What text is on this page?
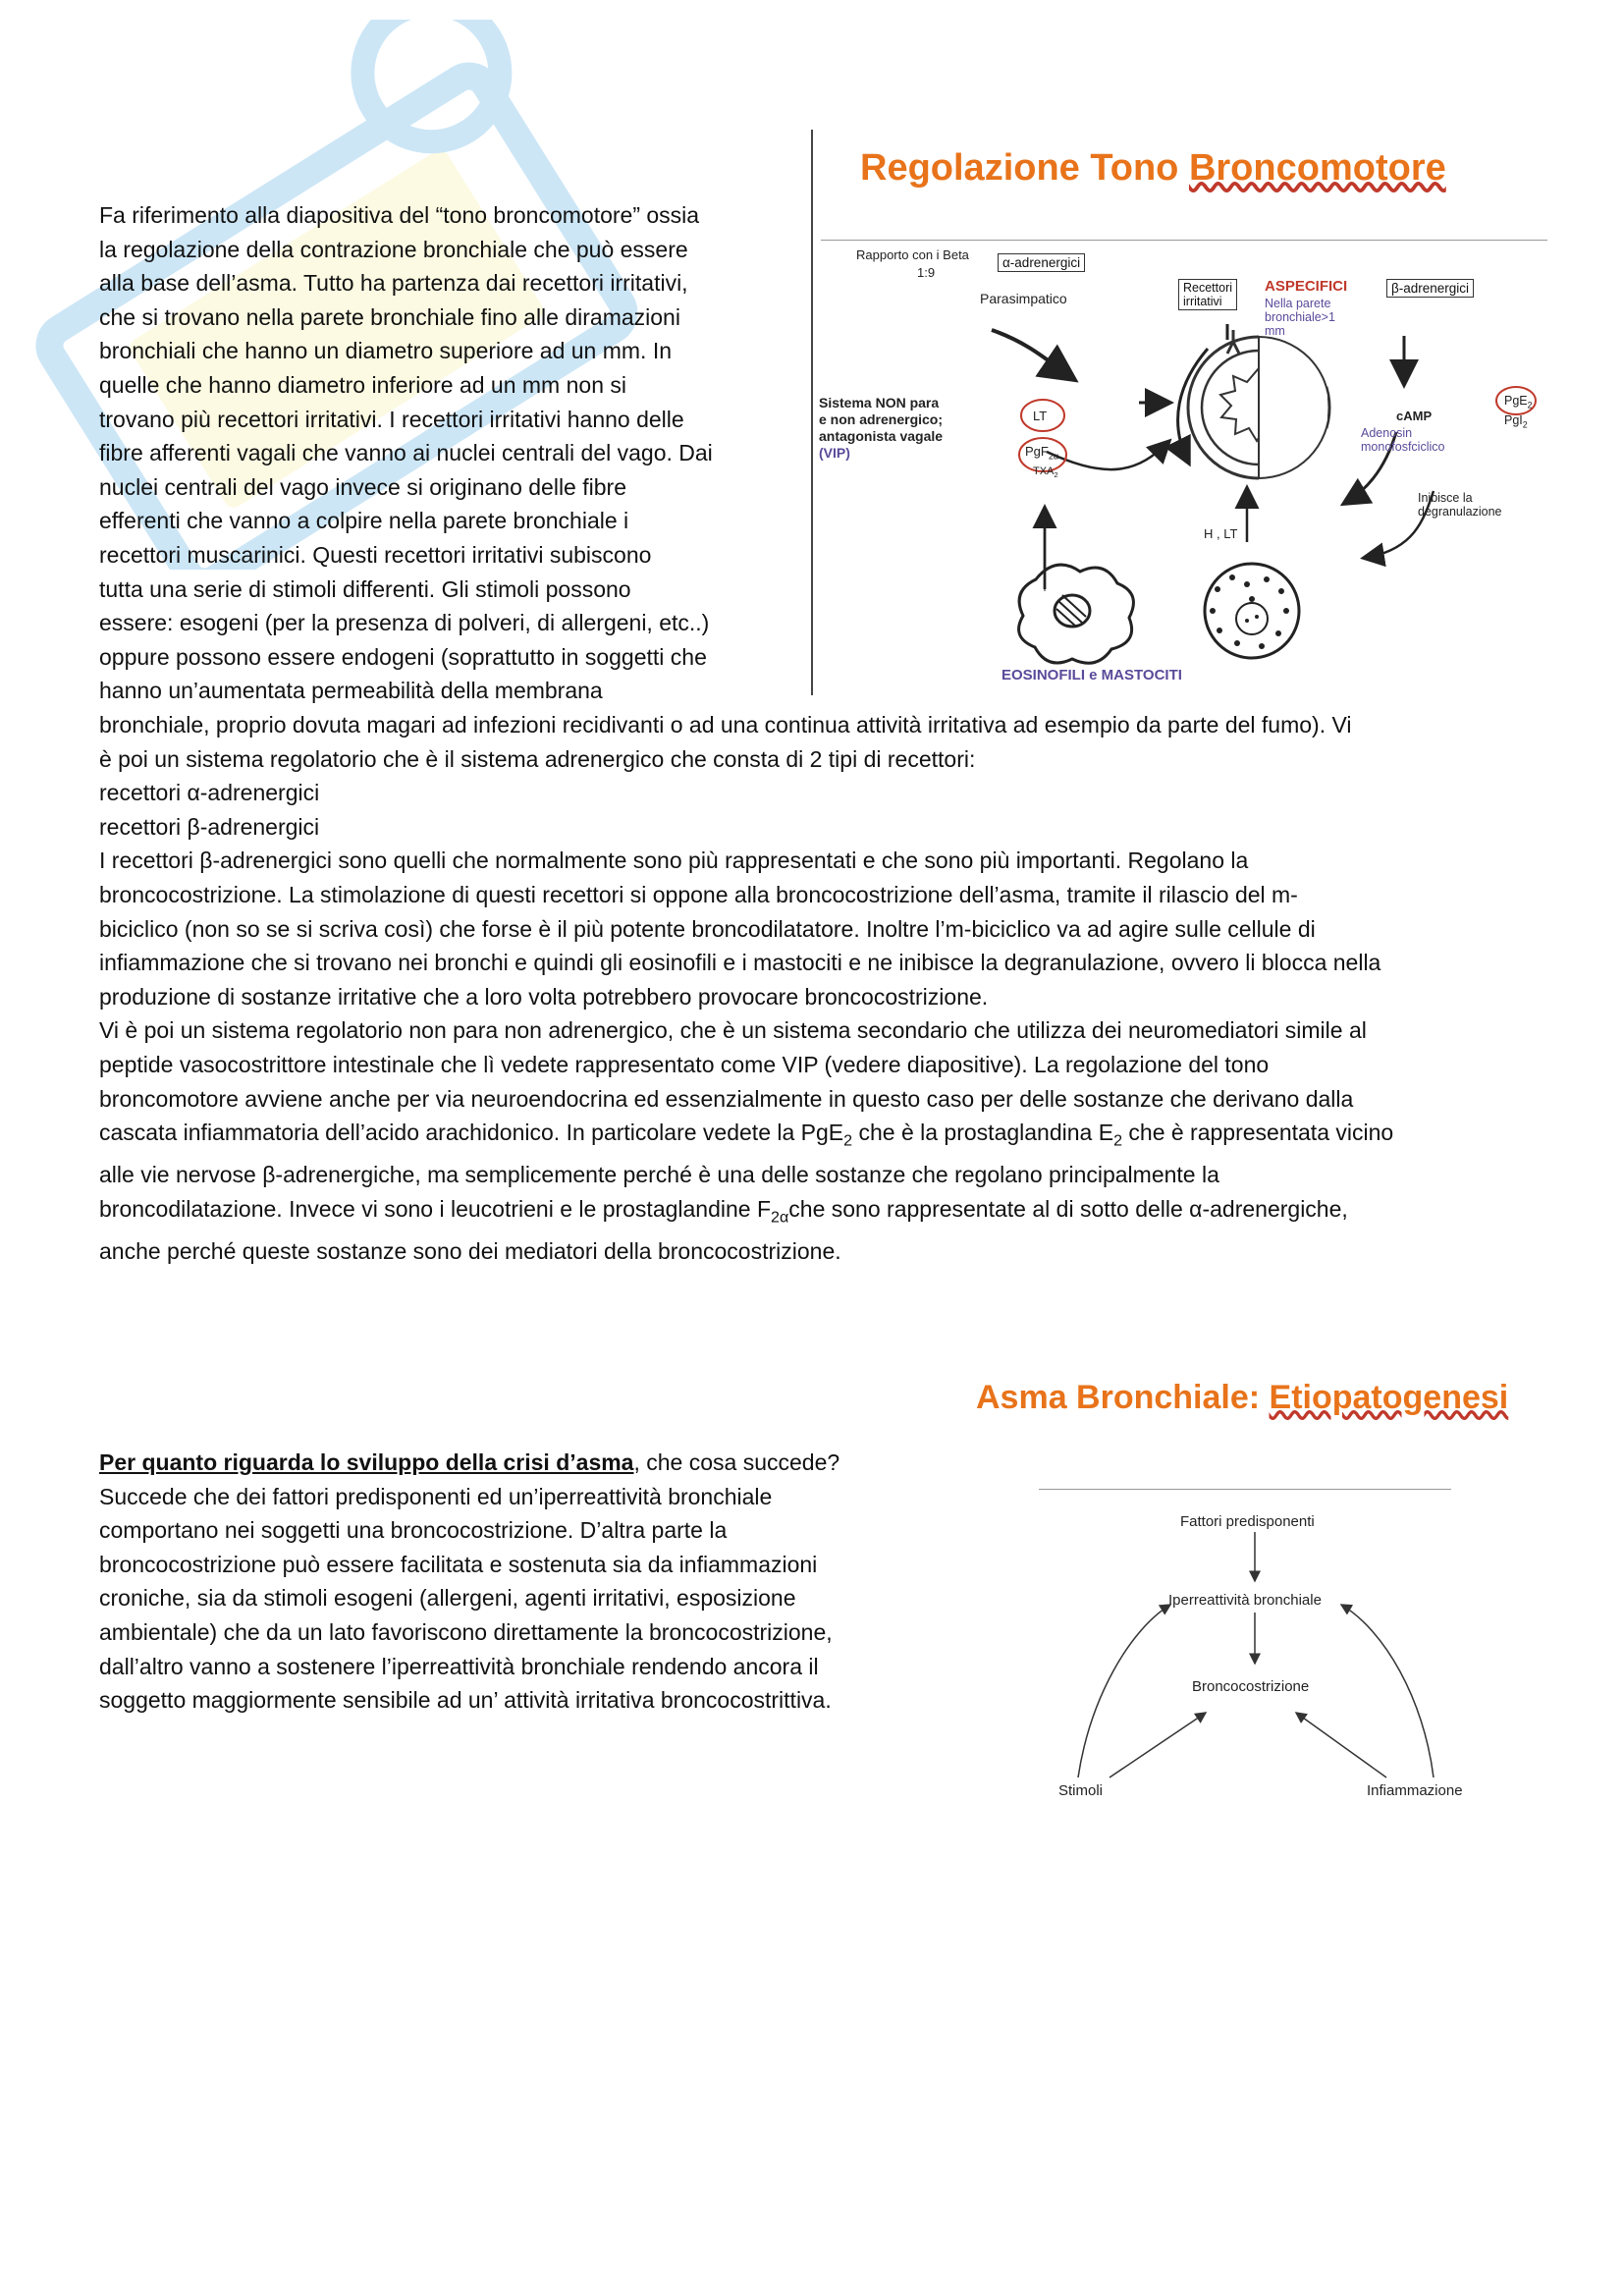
Fa riferimento alla diapositiva del “tono broncomotore” ossia
la regolazione della contrazione bronchiale che può essere
alla base dell’asma. Tutto ha partenza dai recettori irritativi,
che si trovano nella parete bronchiale fino alle diramazioni
bronchiali che hanno un diametro superiore ad un mm. In
quelle che hanno diametro inferiore ad un mm non si
trovano più recettori irritativi. I recettori irritativi hanno delle
fibre afferenti vagali che vanno ai nuclei centrali del vago. Dai
nuclei centrali del vago invece si originano delle fibre
efferenti che vanno a colpire nella parete bronchiale i
recettori muscarinici. Questi recettori irritativi subiscono
tutta una serie di stimoli differenti. Gli stimoli possono
essere: esogeni (per la presenza di polveri, di allergeni, etc..)
oppure possono essere endogeni (soprattutto in soggetti che
hanno un’aumentata permeabilità della membrana
Regolazione Tono Broncomotore
Rapporto con i Beta
1:9
α-adrenergici
Parasimpatico
Recettori
irritativi
ASPECIFICI
Nella parete
bronchiale>1
mm
β-adrenergici
Sistema NON para
e non adrenergico;
antagonista vagale
(VIP)
LT
PgF$_{2\alpha}$
$TXA_2$
cAMP
Adenosin
monofosfciclico
PgE$_2$
PgI$_2$
Inibisce la
degranulazione
H , LT
EOSINOFILI e MASTOCITI
bronchiale, proprio dovuta magari ad infezioni recidivanti o ad una continua attività irritativa ad esempio da parte del fumo). Vi
è poi un sistema regolatorio che è il sistema adrenergico che consta di 2 tipi di recettori:
recettori α-adrenergici
recettori β-adrenergici
I recettori β-adrenergici sono quelli che normalmente sono più rappresentati e che sono più importanti. Regolano la
broncocostrizione. La stimolazione di questi recettori si oppone alla broncocostrizione dell’asma, tramite il rilascio del m-
biciclico (non so se si scriva così) che forse è il più potente broncodilatatore. Inoltre l’m-biciclico va ad agire sulle cellule di
infiammazione che si trovano nei bronchi e quindi gli eosinofili e i mastociti e ne inibisce la degranulazione, ovvero li blocca nella
produzione di sostanze irritative che a loro volta potrebbero provocare broncocostrizione.
Vi è poi un sistema regolatorio non para non adrenergico, che è un sistema secondario che utilizza dei neuromediatori simile al
peptide vasocostrittore intestinale che lì vedete rappresentato come VIP (vedere diapositive). La regolazione del tono
broncomotore avviene anche per via neuroendocrina ed essenzialmente in questo caso per delle sostanze che derivano dalla
cascata infiammatoria dell’acido arachidonico. In particolare vedete la PgE$_2$ che è la prostaglandina $E_2$ che è rappresentata vicino
alle vie nervose β-adrenergiche, ma semplicemente perché è una delle sostanze che regolano principalmente la
broncodilatazione. Invece vi sono i leucotrieni e le prostaglandine $F_{2\alpha}che$ sono rappresentate al di sotto delle α-adrenergiche,
anche perché queste sostanze sono dei mediatori della broncocostrizione.
Asma Bronchiale: Etiopatogenesi
Fattori predisponenti
Iperreattività bronchiale
Broncocostrizione
Stimoli	Infiammazione
Per quanto riguarda lo sviluppo della crisi d’asma, che cosa succede?
Succede che dei fattori predisponenti ed un’iperreattività bronchiale
comportano nei soggetti una broncocostrizione. D’altra parte la
broncocostrizione può essere facilitata e sostenuta sia da infiammazioni
croniche, sia da stimoli esogeni (allergeni, agenti irritativi, esposizione
ambientale) che da un lato favoriscono direttamente la broncocostrizione,
dall’altro vanno a sostenere l’iperreattività bronchiale rendendo ancora il
soggetto maggiormente sensibile ad un’ attività irritativa broncocostrittiva.
